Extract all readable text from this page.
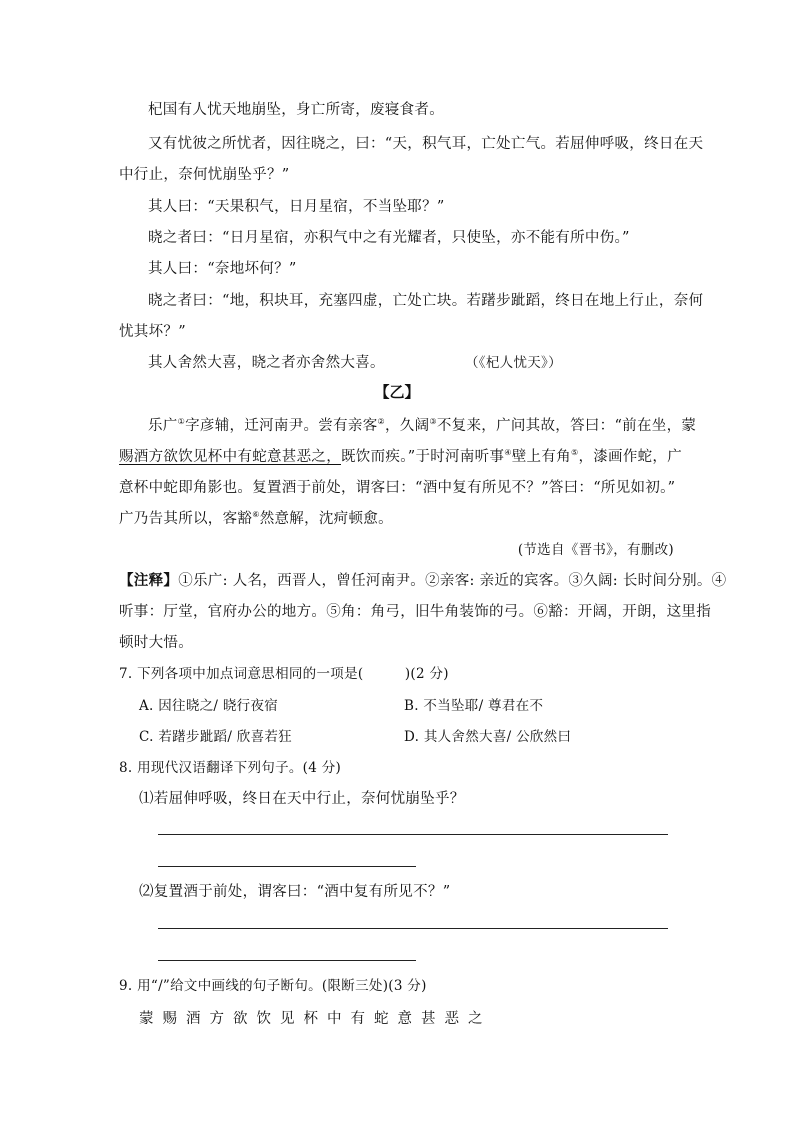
杞国有人忧天地崩坠，身亡所寄，废寝食者。
又有忧彼之所忧者，因往晓之，曰：“天，积气耳，亡处亡气。若屈伸呼吸，终日在天
中行止，奈何忧崩坠乎？”
其人曰：“天果积气，日月星宿，不当坠耶？”
晓之者曰：“日月星宿，亦积气中之有光耀者，只使坠，亦不能有所中伤。”
其人曰：“奈地坏何？”
晓之者曰：“地，积块耳，充塞四虚，亡处亡块。若躇步跐蹈，终日在地上行止，奈何
忧其坏？”
其人舍然大喜，晓之者亦舍然大喜。	（《杞人忧天》）
【乙】
乐广①字彦辅，迁河南尹。尝有亲客②，久阔③不复来，广问其故，答曰：“前在坐，蒙
赐酒方欲饮见杯中有蛇意甚恶之，既饮而疾。”于时河南听事④壁上有角⑤，漆画作蛇，广
意杯中蛇即角影也。复置酒于前处，谓客曰：“酒中复有所见不？”答曰：“所见如初。”
广乃告其所以，客豁⑥然意解，沈疴顿愈。
(节选自《晋书》，有删改)
【注释】①乐广: 人名，西晋人，曾任河南尹。②亲客: 亲近的宾客。③久阔: 长时间分别。④
听事：厅堂，官府办公的地方。⑤角：角弓，旧牛角装饰的弓。⑥豁：开阔，开朗，这里指
顿时大悟。
7. 下列各项中加点词意思相同的一项是(　　　)(2 分)
A. 因往晓之/ 晓行夜宿	B. 不当坠耶/ 尊君在不
C. 若躇步跐蹈/ 欣喜若狂	D. 其人舍然大喜/ 公欣然曰
8. 用现代汉语翻译下列句子。(4 分)
⑴若屈伸呼吸，终日在天中行止，奈何忧崩坠乎？
⑵复置酒于前处，谓客曰：“酒中复有所见不？”
9. 用“/”给文中画线的句子断句。(限断三处)(3 分)
蒙赐酒方欲饮见杯中有蛇意甚恶之
